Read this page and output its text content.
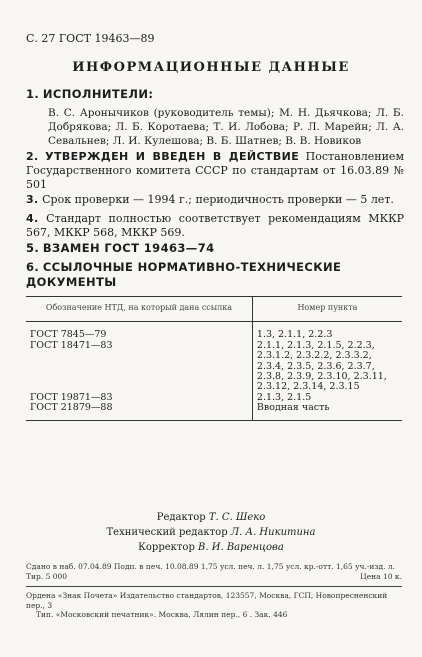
С. 27 ГОСТ 19463—89
ИНФОРМАЦИОННЫЕ ДАННЫЕ
1. ИСПОЛНИТЕЛИ:
В. С. Аронычиков (руководитель темы); М. Н. Дьячкова; Л. Б. Добрякова; Л. Б. Коротаева; Т. И. Лобова; Р. Л. Марейн; Л. А. Севальнев; Л. И. Кулешова; В. Б. Шатнев; В. В. Новиков
2. УТВЕРЖДЕН И ВВЕДЕН В ДЕЙСТВИЕ Постановлением Государственного комитета СССР по стандартам от 16.03.89 № 501
3. Срок проверки — 1994 г.; периодичность проверки — 5 лет.
4. Стандарт полностью соответствует рекомендациям МККР 567, МККР 568, МККР 569.
5. ВЗАМЕН ГОСТ 19463—74
6. ССЫЛОЧНЫЕ НОРМАТИВНО-ТЕХНИЧЕСКИЕ ДОКУМЕНТЫ
Обозначение НТД, на который дана ссылка	Номер пункта
ГОСТ 7845—79	1.3, 2.1.1, 2.2.3
ГОСТ 18471—83	2.1.1, 2.1.3, 2.1.5, 2.2.3, 2.3.1.2, 2.3.2.2, 2.3.3.2, 2.3.4, 2.3.5, 2.3.6, 2.3.7, 2.3.8, 2.3.9, 2.3.10, 2.3.11, 2.3.12, 2.3.14, 2.3.15
ГОСТ 19871—83	2.1.3, 2.1.5
ГОСТ 21879—88	Вводная часть
Редактор Т. С. Шеко
Технический редактор Л. А. Никитина
Корректор В. И. Варенцова
Сдано в наб. 07.04.89 Подп. в печ. 10.08.89 1,75 усл. печ. л. 1,75 усл. кр.-отт. 1,65 уч.-изд. л.
Тир. 5 000	Цена 10 к.
Ордена «Знак Почета» Издательство стандартов, 123557, Москва, ГСП, Новопресненский пер., 3
Тип. «Московский печатник». Москва, Лялин пер., 6 . Зак. 446
